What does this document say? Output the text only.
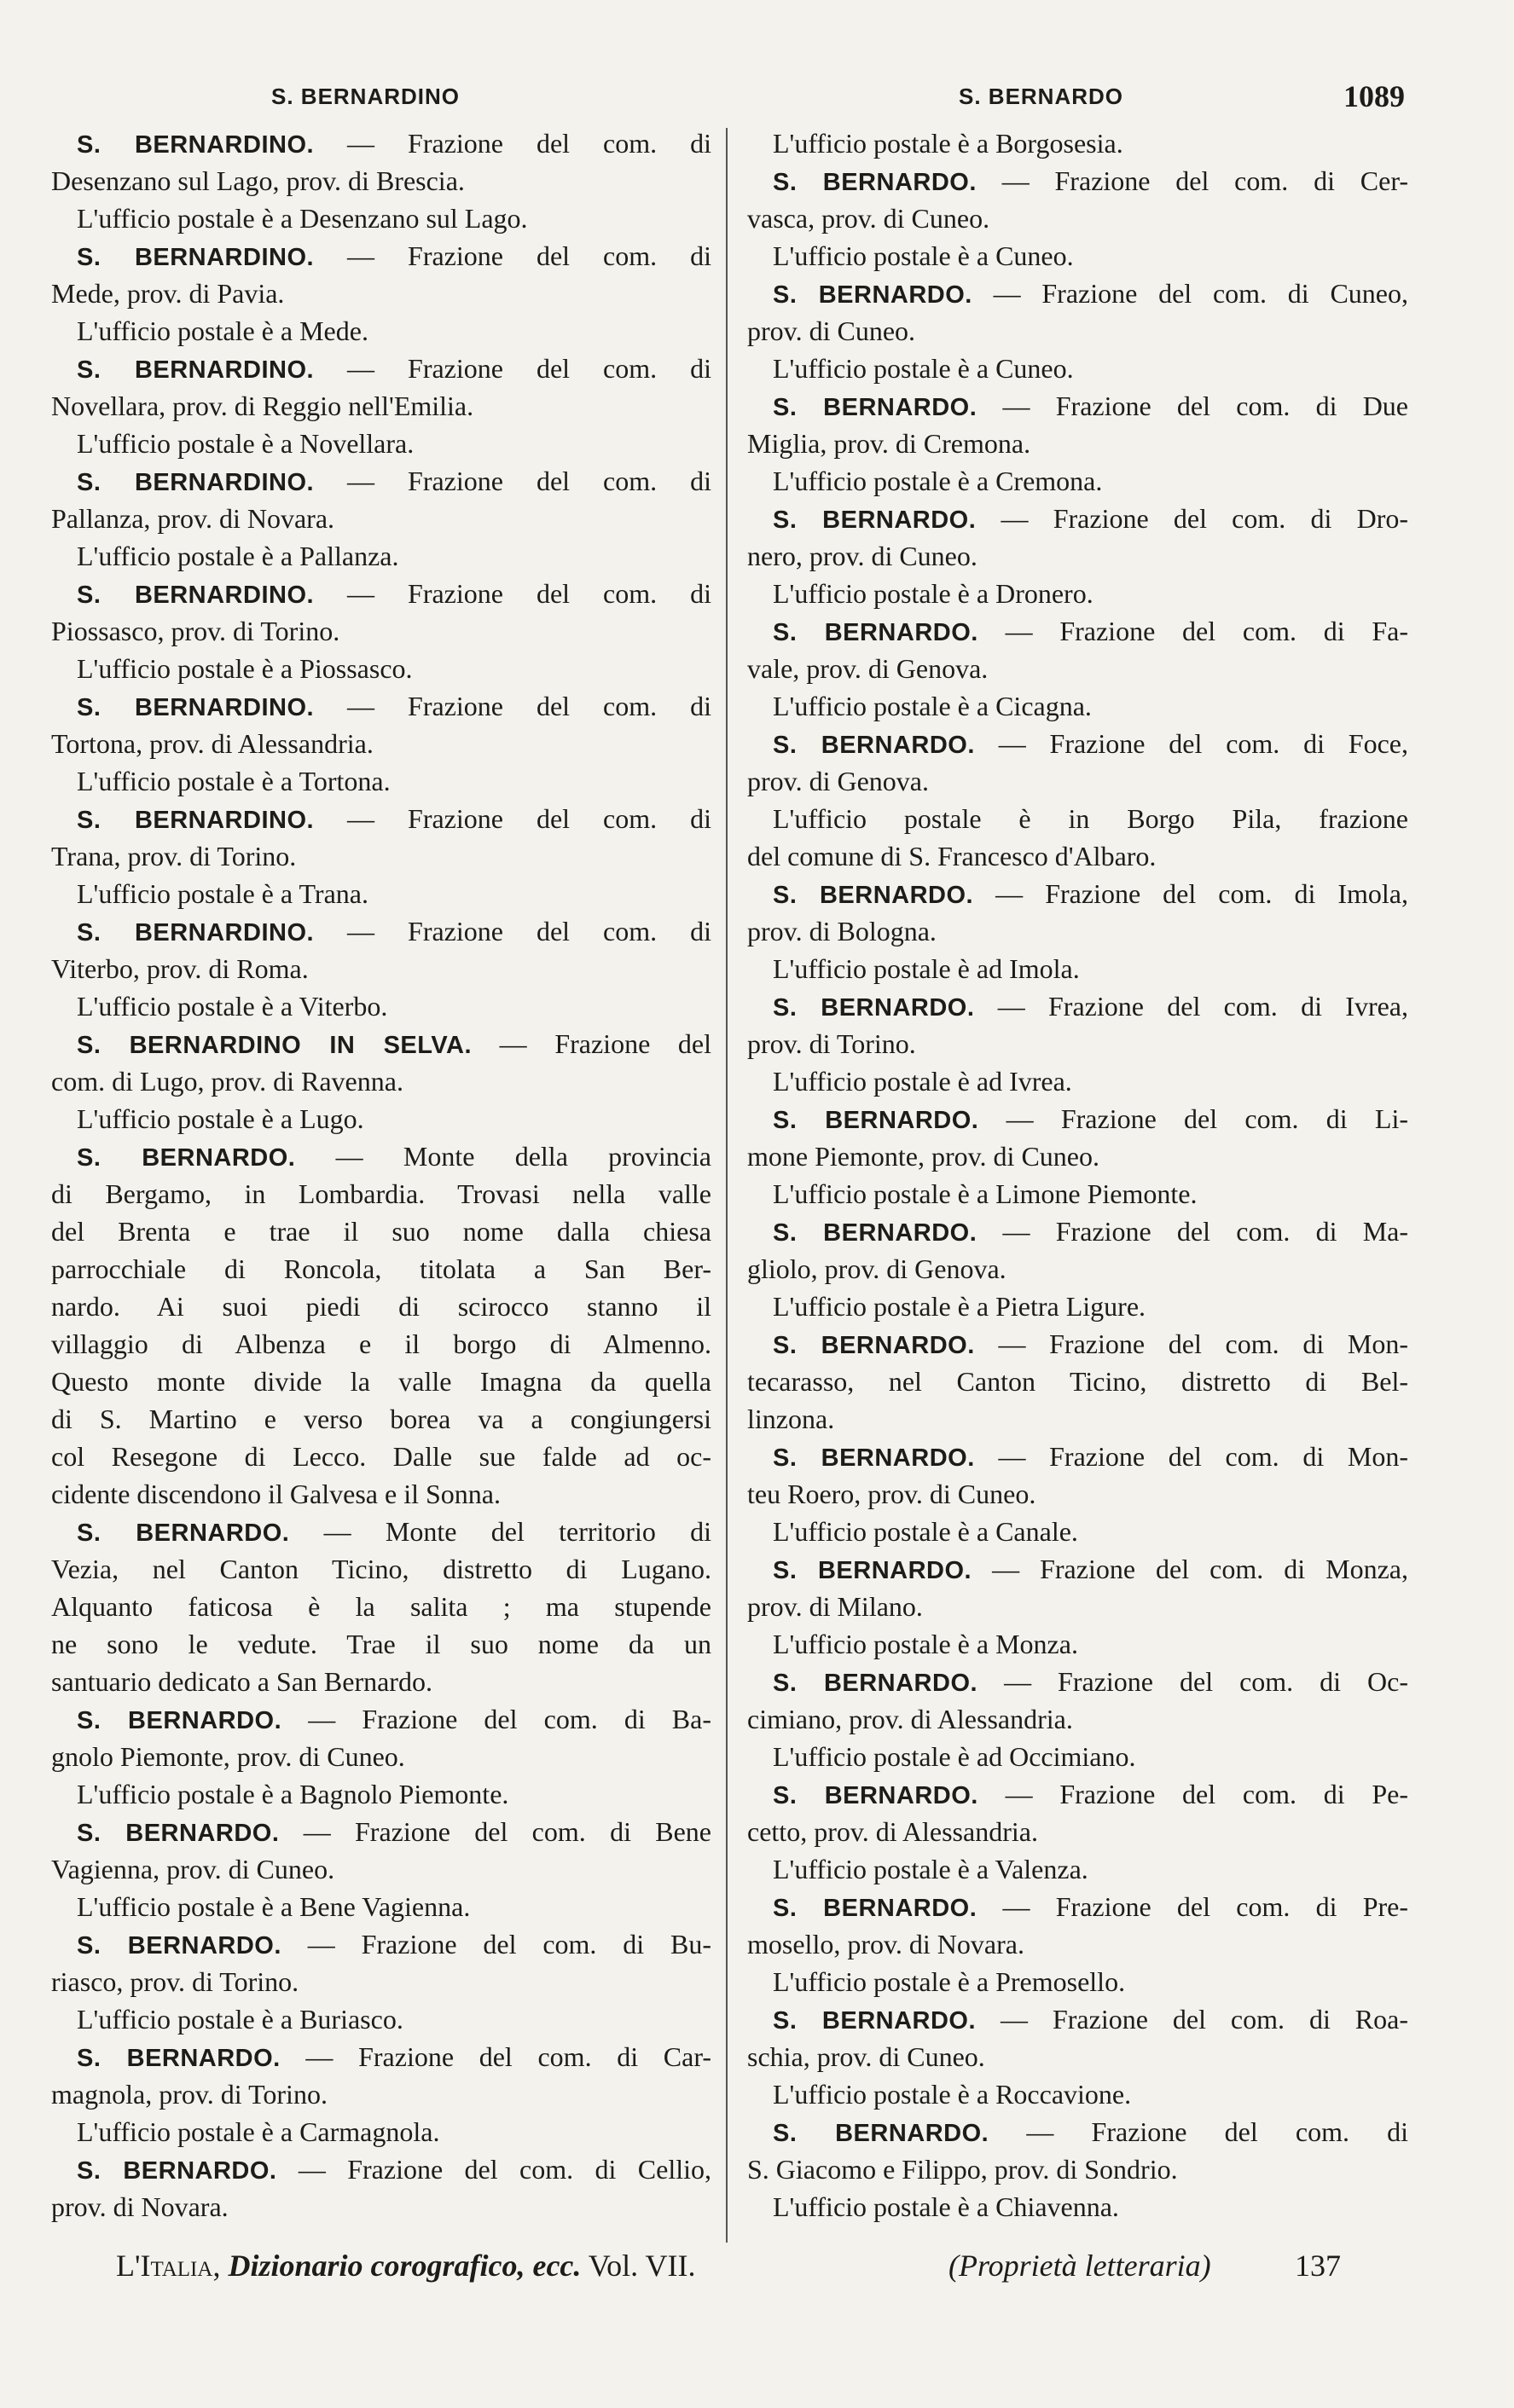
S. BERNARDINO	S. BERNARDO	1089
S. BERNARDINO. — Frazione del com. di
Desenzano sul Lago, prov. di Brescia.
L'ufficio postale è a Desenzano sul Lago.
S. BERNARDINO. — Frazione del com. di
Mede, prov. di Pavia.
L'ufficio postale è a Mede.
S. BERNARDINO. — Frazione del com. di
Novellara, prov. di Reggio nell'Emilia.
L'ufficio postale è a Novellara.
S. BERNARDINO. — Frazione del com. di
Pallanza, prov. di Novara.
L'ufficio postale è a Pallanza.
S. BERNARDINO. — Frazione del com. di
Piossasco, prov. di Torino.
L'ufficio postale è a Piossasco.
S. BERNARDINO. — Frazione del com. di
Tortona, prov. di Alessandria.
L'ufficio postale è a Tortona.
S. BERNARDINO. — Frazione del com. di
Trana, prov. di Torino.
L'ufficio postale è a Trana.
S. BERNARDINO. — Frazione del com. di
Viterbo, prov. di Roma.
L'ufficio postale è a Viterbo.
S. BERNARDINO IN SELVA. — Frazione del
com. di Lugo, prov. di Ravenna.
L'ufficio postale è a Lugo.
S. BERNARDO. — Monte della provincia
di Bergamo, in Lombardia. Trovasi nella valle
del Brenta e trae il suo nome dalla chiesa
parrocchiale di Roncola, titolata a San Ber-
nardo. Ai suoi piedi di scirocco stanno il
villaggio di Albenza e il borgo di Almenno.
Questo monte divide la valle Imagna da quella
di S. Martino e verso borea va a congiungersi
col Resegone di Lecco. Dalle sue falde ad oc-
cidente discendono il Galvesa e il Sonna.
S. BERNARDO. — Monte del territorio di
Vezia, nel Canton Ticino, distretto di Lugano.
Alquanto faticosa è la salita ; ma stupende
ne sono le vedute. Trae il suo nome da un
santuario dedicato a San Bernardo.
S. BERNARDO. — Frazione del com. di Ba-
gnolo Piemonte, prov. di Cuneo.
L'ufficio postale è a Bagnolo Piemonte.
S. BERNARDO. — Frazione del com. di Bene
Vagienna, prov. di Cuneo.
L'ufficio postale è a Bene Vagienna.
S. BERNARDO. — Frazione del com. di Bu-
riasco, prov. di Torino.
L'ufficio postale è a Buriasco.
S. BERNARDO. — Frazione del com. di Car-
magnola, prov. di Torino.
L'ufficio postale è a Carmagnola.
S. BERNARDO. — Frazione del com. di Cellio,
prov. di Novara.
L'ufficio postale è a Borgosesia.
S. BERNARDO. — Frazione del com. di Cer-
vasca, prov. di Cuneo.
L'ufficio postale è a Cuneo.
S. BERNARDO. — Frazione del com. di Cuneo,
prov. di Cuneo.
L'ufficio postale è a Cuneo.
S. BERNARDO. — Frazione del com. di Due
Miglia, prov. di Cremona.
L'ufficio postale è a Cremona.
S. BERNARDO. — Frazione del com. di Dro-
nero, prov. di Cuneo.
L'ufficio postale è a Dronero.
S. BERNARDO. — Frazione del com. di Fa-
vale, prov. di Genova.
L'ufficio postale è a Cicagna.
S. BERNARDO. — Frazione del com. di Foce,
prov. di Genova.
L'ufficio postale è in Borgo Pila, frazione
del comune di S. Francesco d'Albaro.
S. BERNARDO. — Frazione del com. di Imola,
prov. di Bologna.
L'ufficio postale è ad Imola.
S. BERNARDO. — Frazione del com. di Ivrea,
prov. di Torino.
L'ufficio postale è ad Ivrea.
S. BERNARDO. — Frazione del com. di Li-
mone Piemonte, prov. di Cuneo.
L'ufficio postale è a Limone Piemonte.
S. BERNARDO. — Frazione del com. di Ma-
gliolo, prov. di Genova.
L'ufficio postale è a Pietra Ligure.
S. BERNARDO. — Frazione del com. di Mon-
tecarasso, nel Canton Ticino, distretto di Bel-
linzona.
S. BERNARDO. — Frazione del com. di Mon-
teu Roero, prov. di Cuneo.
L'ufficio postale è a Canale.
S. BERNARDO. — Frazione del com. di Monza,
prov. di Milano.
L'ufficio postale è a Monza.
S. BERNARDO. — Frazione del com. di Oc-
cimiano, prov. di Alessandria.
L'ufficio postale è ad Occimiano.
S. BERNARDO. — Frazione del com. di Pe-
cetto, prov. di Alessandria.
L'ufficio postale è a Valenza.
S. BERNARDO. — Frazione del com. di Pre-
mosello, prov. di Novara.
L'ufficio postale è a Premosello.
S. BERNARDO. — Frazione del com. di Roa-
schia, prov. di Cuneo.
L'ufficio postale è a Roccavione.
S. BERNARDO. — Frazione del com. di
S. Giacomo e Filippo, prov. di Sondrio.
L'ufficio postale è a Chiavenna.
L'Italia, Dizionario corografico, ecc. Vol. VII.	(Proprietà letteraria)	137
